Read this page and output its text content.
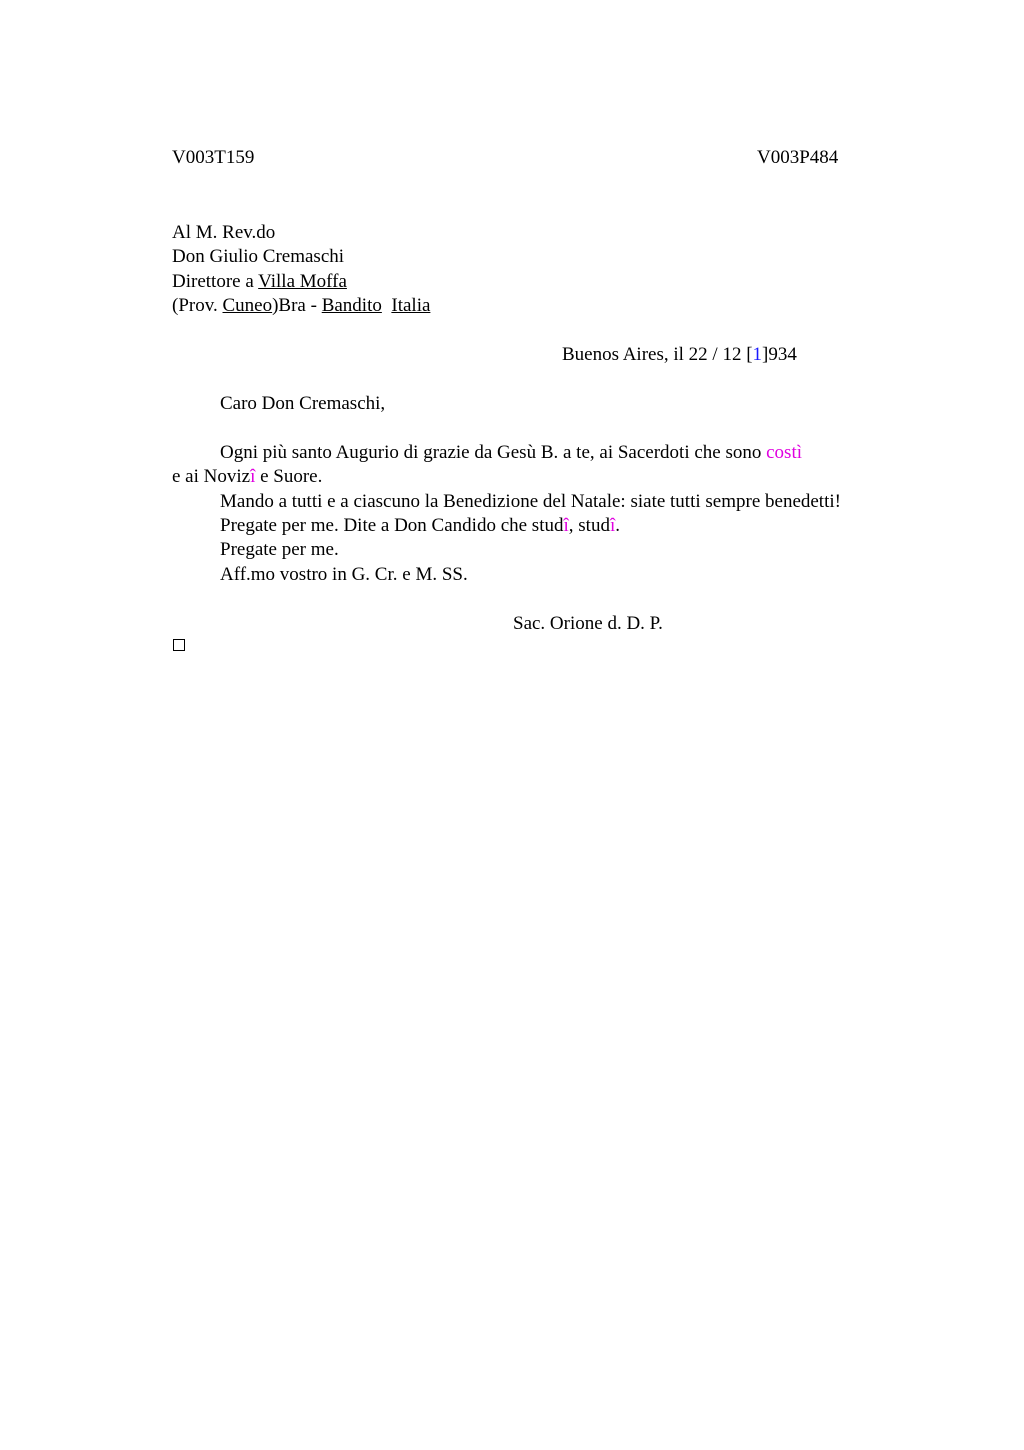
V003T159	V003P484
Al M. Rev.do
Don Giulio Cremaschi
Direttore a Villa Moffa
(Prov. Cuneo)Bra - Bandito Italia
Buenos Aires, il 22 / 12 [1]934
Caro Don Cremaschi,
Ogni più santo Augurio di grazie da Gesù B. a te, ai Sacerdoti che sono costì
e ai Novizî e Suore.
Mando a tutti e a ciascuno la Benedizione del Natale: siate tutti sempre benedetti!
Pregate per me. Dite a Don Candido che studî, studî.
Pregate per me.
Aff.mo vostro in G. Cr. e M. SS.
Sac. Orione d. D. P.
